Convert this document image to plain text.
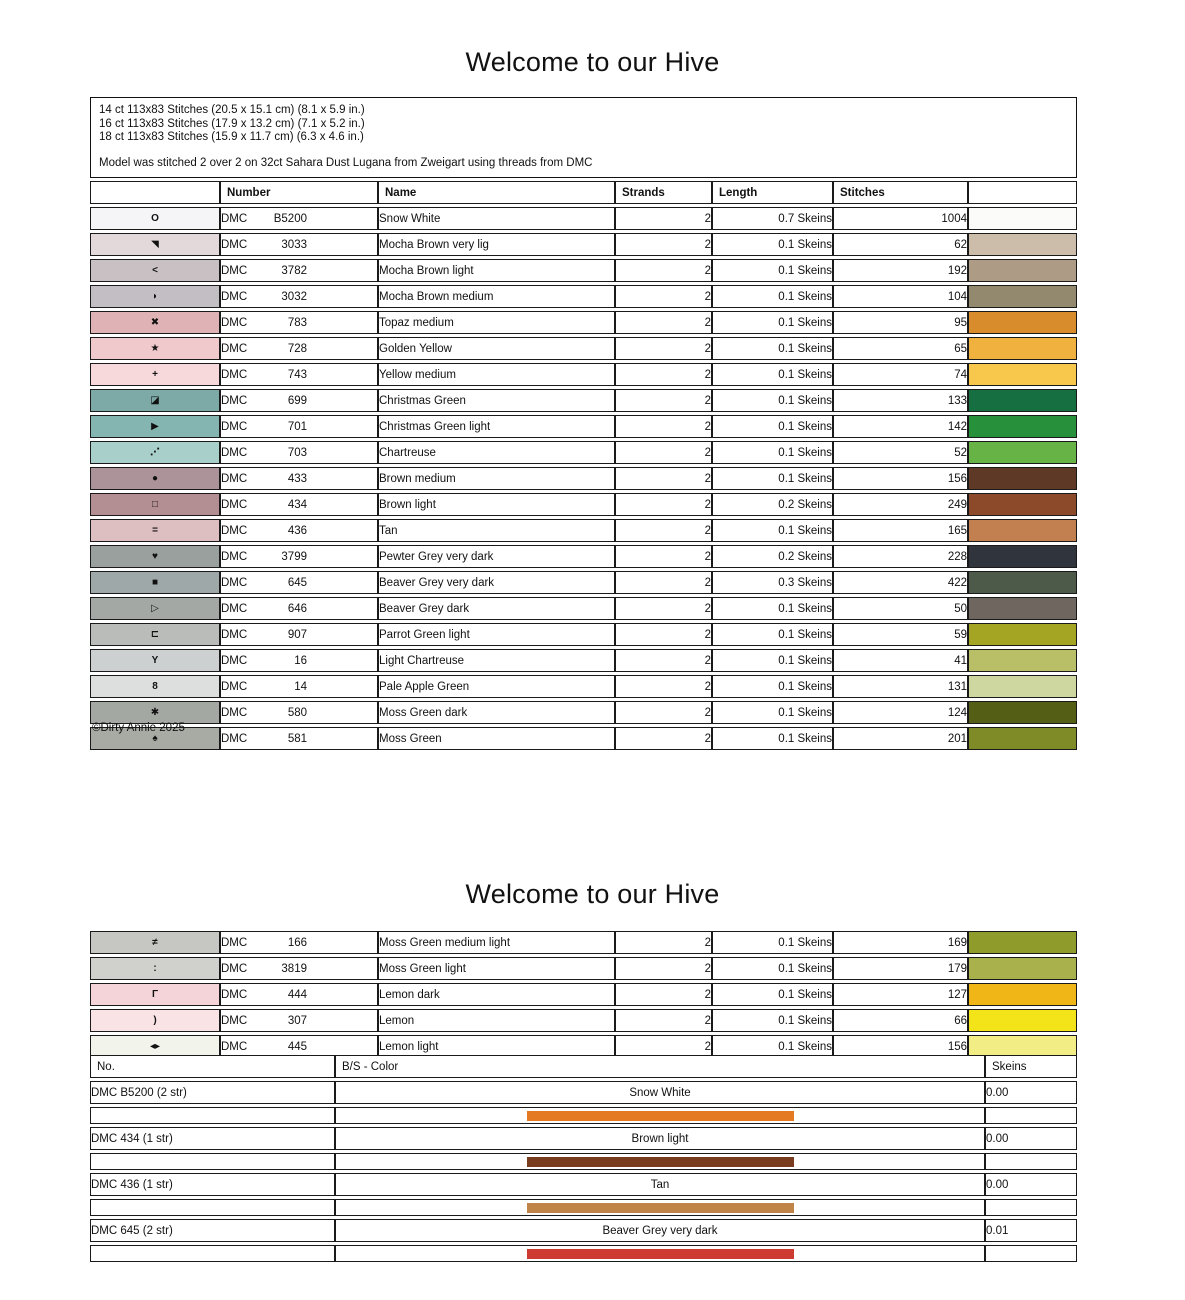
Welcome to our Hive
14 ct 113x83 Stitches (20.5 x 15.1 cm) (8.1 x 5.9 in.)
16 ct 113x83 Stitches (17.9 x 13.2 cm) (7.1 x 5.2 in.)
18 ct 113x83 Stitches (15.9 x 11.7 cm) (6.3 x 4.6 in.)
Model was stitched 2 over 2 on 32ct Sahara Dust Lugana from Zweigart using threads from DMC
	Number	Name	Strands	Length	Stitches	
O	DMC B5200	Snow White	2	0.7 Skeins	1004	
◥	DMC 3033	Mocha Brown very lig	2	0.1 Skeins	62	
<	DMC 3782	Mocha Brown light	2	0.1 Skeins	192	
◗	DMC 3032	Mocha Brown medium	2	0.1 Skeins	104	
✖	DMC 783	Topaz medium	2	0.1 Skeins	95	
★	DMC 728	Golden Yellow	2	0.1 Skeins	65	
+	DMC 743	Yellow medium	2	0.1 Skeins	74	
◪	DMC 699	Christmas Green	2	0.1 Skeins	133	
▶	DMC 701	Christmas Green light	2	0.1 Skeins	142	
⋰	DMC 703	Chartreuse	2	0.1 Skeins	52	
●	DMC 433	Brown medium	2	0.1 Skeins	156	
□	DMC 434	Brown light	2	0.2 Skeins	249	
=	DMC 436	Tan	2	0.1 Skeins	165	
♥	DMC 3799	Pewter Grey very dark	2	0.2 Skeins	228	
■	DMC 645	Beaver Grey very dark	2	0.3 Skeins	422	
▷	DMC 646	Beaver Grey dark	2	0.1 Skeins	50	
⊏	DMC 907	Parrot Green light	2	0.1 Skeins	59	
Y	DMC 16	Light Chartreuse	2	0.1 Skeins	41	
8	DMC 14	Pale Apple Green	2	0.1 Skeins	131	
✱	DMC 580	Moss Green dark	2	0.1 Skeins	124	
♠	DMC 581	Moss Green	2	0.1 Skeins	201	
©Dirty Annie 2025
Welcome to our Hive
≠	DMC 166	Moss Green medium light	2	0.1 Skeins	169	
:	DMC 3819	Moss Green light	2	0.1 Skeins	179	
Γ	DMC 444	Lemon dark	2	0.1 Skeins	127	
)	DMC 307	Lemon	2	0.1 Skeins	66	
◂▸	DMC 445	Lemon light	2	0.1 Skeins	156	
No.	B/S - Color	Skeins
DMC B5200 (2 str)	Snow White	0.00

DMC 434 (1 str)	Brown light	0.00

DMC 436 (1 str)	Tan	0.00

DMC 645 (2 str)	Beaver Grey very dark	0.01
